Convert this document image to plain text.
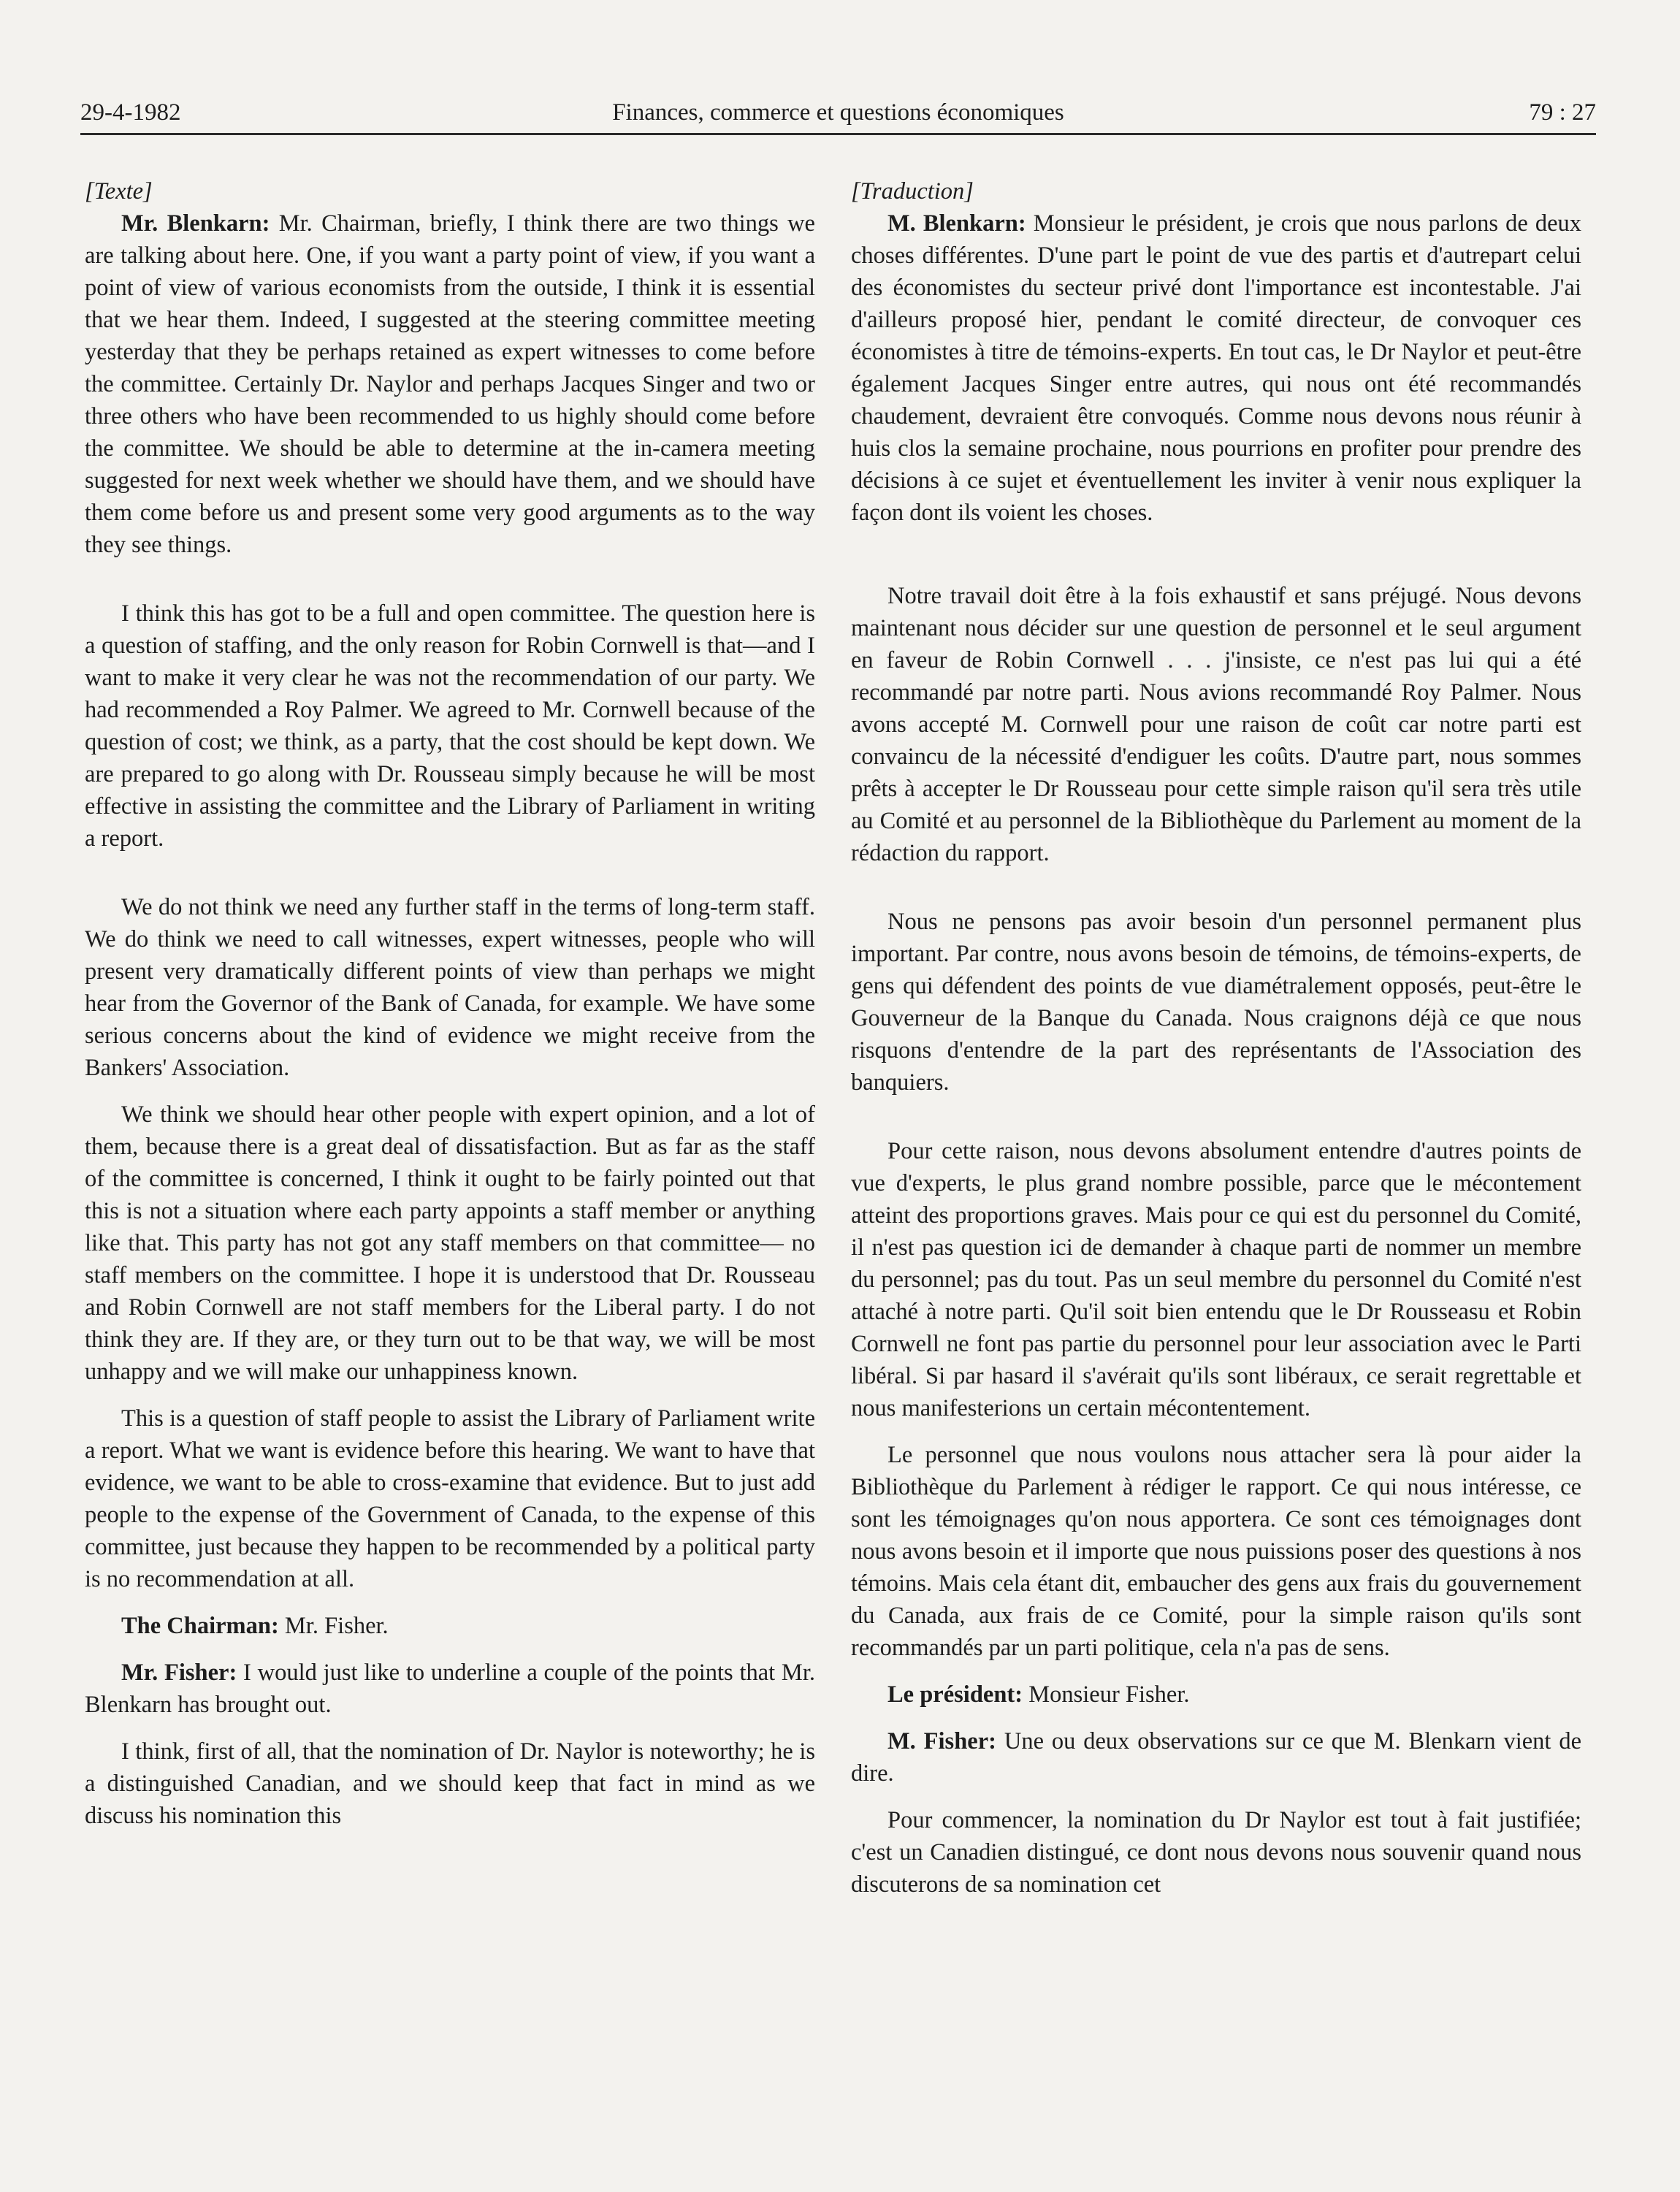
29-4-1982	Finances, commerce et questions économiques	79 : 27

[Texte]

Mr. Blenkarn: Mr. Chairman, briefly, I think there are two things we are talking about here. One, if you want a party point of view, if you want a point of view of various economists from the outside, I think it is essential that we hear them. Indeed, I suggested at the steering committee meeting yesterday that they be perhaps retained as expert witnesses to come before the committee. Certainly Dr. Naylor and perhaps Jacques Singer and two or three others who have been recommended to us highly should come before the committee. We should be able to determine at the in-camera meeting suggested for next week whether we should have them, and we should have them come before us and present some very good arguments as to the way they see things.

I think this has got to be a full and open committee. The question here is a question of staffing, and the only reason for Robin Cornwell is that—and I want to make it very clear he was not the recommendation of our party. We had recommended a Roy Palmer. We agreed to Mr. Cornwell because of the question of cost; we think, as a party, that the cost should be kept down. We are prepared to go along with Dr. Rousseau simply because he will be most effective in assisting the committee and the Library of Parliament in writing a report.

We do not think we need any further staff in the terms of long-term staff. We do think we need to call witnesses, expert witnesses, people who will present very dramatically different points of view than perhaps we might hear from the Governor of the Bank of Canada, for example. We have some serious concerns about the kind of evidence we might receive from the Bankers' Association.

We think we should hear other people with expert opinion, and a lot of them, because there is a great deal of dissatisfaction. But as far as the staff of the committee is concerned, I think it ought to be fairly pointed out that this is not a situation where each party appoints a staff member or anything like that. This party has not got any staff members on that committee— no staff members on the committee. I hope it is understood that Dr. Rousseau and Robin Cornwell are not staff members for the Liberal party. I do not think they are. If they are, or they turn out to be that way, we will be most unhappy and we will make our unhappiness known.

This is a question of staff people to assist the Library of Parliament write a report. What we want is evidence before this hearing. We want to have that evidence, we want to be able to cross-examine that evidence. But to just add people to the expense of the Government of Canada, to the expense of this committee, just because they happen to be recommended by a political party is no recommendation at all.

The Chairman: Mr. Fisher.

Mr. Fisher: I would just like to underline a couple of the points that Mr. Blenkarn has brought out.

I think, first of all, that the nomination of Dr. Naylor is noteworthy; he is a distinguished Canadian, and we should keep that fact in mind as we discuss his nomination this

[Traduction]

M. Blenkarn: Monsieur le président, je crois que nous parlons de deux choses différentes. D'une part le point de vue des partis et d'autrepart celui des économistes du secteur privé dont l'importance est incontestable. J'ai d'ailleurs proposé hier, pendant le comité directeur, de convoquer ces économistes à titre de témoins-experts. En tout cas, le Dr Naylor et peut-être également Jacques Singer entre autres, qui nous ont été recommandés chaudement, devraient être convoqués. Comme nous devons nous réunir à huis clos la semaine prochaine, nous pourrions en profiter pour prendre des décisions à ce sujet et éventuellement les inviter à venir nous expliquer la façon dont ils voient les choses.

Notre travail doit être à la fois exhaustif et sans préjugé. Nous devons maintenant nous décider sur une question de personnel et le seul argument en faveur de Robin Cornwell . . . j'insiste, ce n'est pas lui qui a été recommandé par notre parti. Nous avions recommandé Roy Palmer. Nous avons accepté M. Cornwell pour une raison de coût car notre parti est convaincu de la nécessité d'endiguer les coûts. D'autre part, nous sommes prêts à accepter le Dr Rousseau pour cette simple raison qu'il sera très utile au Comité et au personnel de la Bibliothèque du Parlement au moment de la rédaction du rapport.

Nous ne pensons pas avoir besoin d'un personnel permanent plus important. Par contre, nous avons besoin de témoins, de témoins-experts, de gens qui défendent des points de vue diamétralement opposés, peut-être le Gouverneur de la Banque du Canada. Nous craignons déjà ce que nous risquons d'entendre de la part des représentants de l'Association des banquiers.

Pour cette raison, nous devons absolument entendre d'autres points de vue d'experts, le plus grand nombre possible, parce que le mécontement atteint des proportions graves. Mais pour ce qui est du personnel du Comité, il n'est pas question ici de demander à chaque parti de nommer un membre du personnel; pas du tout. Pas un seul membre du personnel du Comité n'est attaché à notre parti. Qu'il soit bien entendu que le Dr Rousseasu et Robin Cornwell ne font pas partie du personnel pour leur association avec le Parti libéral. Si par hasard il s'avérait qu'ils sont libéraux, ce serait regrettable et nous manifesterions un certain mécontentement.

Le personnel que nous voulons nous attacher sera là pour aider la Bibliothèque du Parlement à rédiger le rapport. Ce qui nous intéresse, ce sont les témoignages qu'on nous apportera. Ce sont ces témoignages dont nous avons besoin et il importe que nous puissions poser des questions à nos témoins. Mais cela étant dit, embaucher des gens aux frais du gouvernement du Canada, aux frais de ce Comité, pour la simple raison qu'ils sont recommandés par un parti politique, cela n'a pas de sens.

Le président: Monsieur Fisher.

M. Fisher: Une ou deux observations sur ce que M. Blenkarn vient de dire.

Pour commencer, la nomination du Dr Naylor est tout à fait justifiée; c'est un Canadien distingué, ce dont nous devons nous souvenir quand nous discuterons de sa nomination cet
